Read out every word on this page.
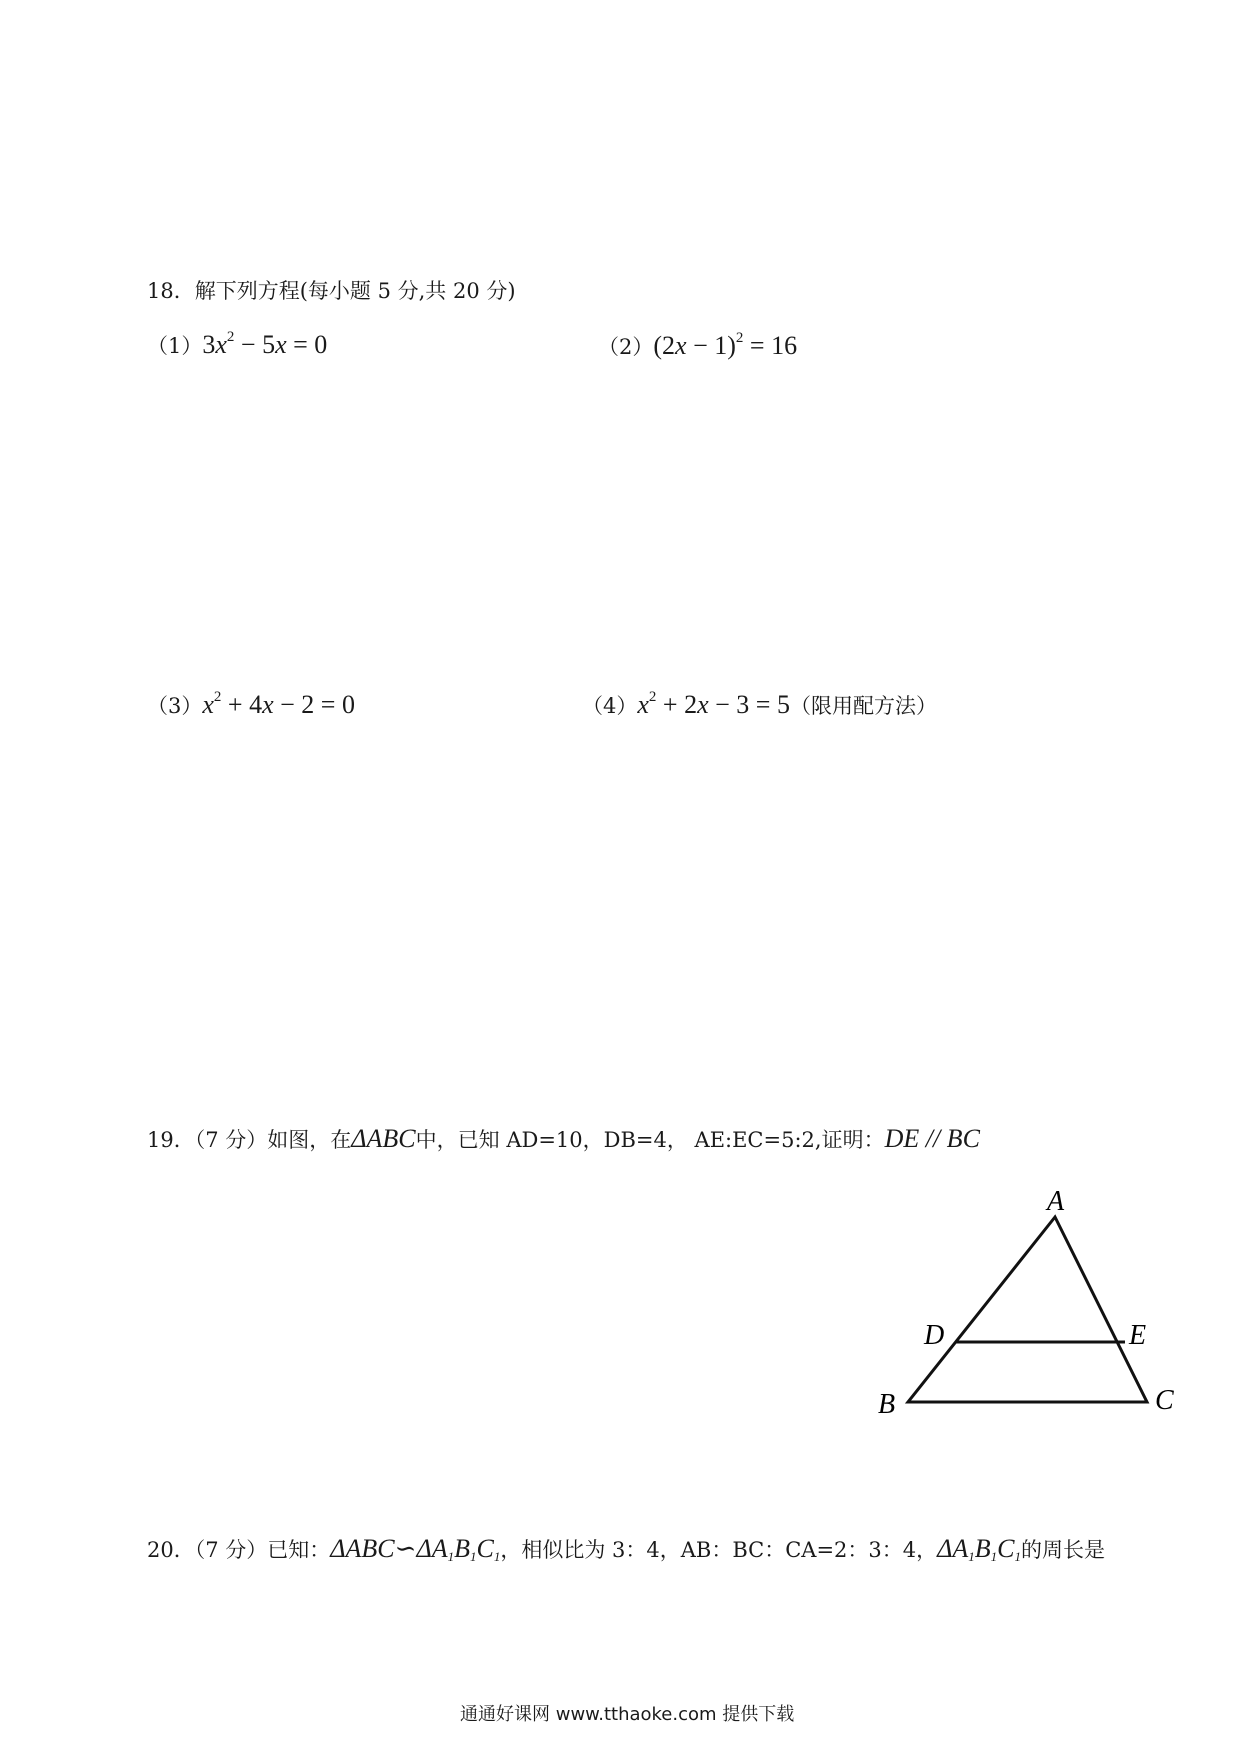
18．解下列方程(每小题 5 分,共 20 分)
$(1)3x^2 - 5x = 0$	$(2)(2x - 1)^2 = 16$
$(3)x^2 + 4x - 2 = 0$	$(4)x^2 + 2x - 3 = 5$（限用配方法）
19．（7 分）如图，在ΔABC中，已知 AD=10，DB=4， AE:EC=5:2,证明：DE // BC
A
D	E
B	C
20．（7 分）已知：$\Delta ABC∽\Delta A_1B_1C_1$，相似比为 3：4，AB：BC：CA=2：3：4，$\Delta A_1B_1C_1$的周长是
通通好课网 www.tthaoke.com 提供下载
